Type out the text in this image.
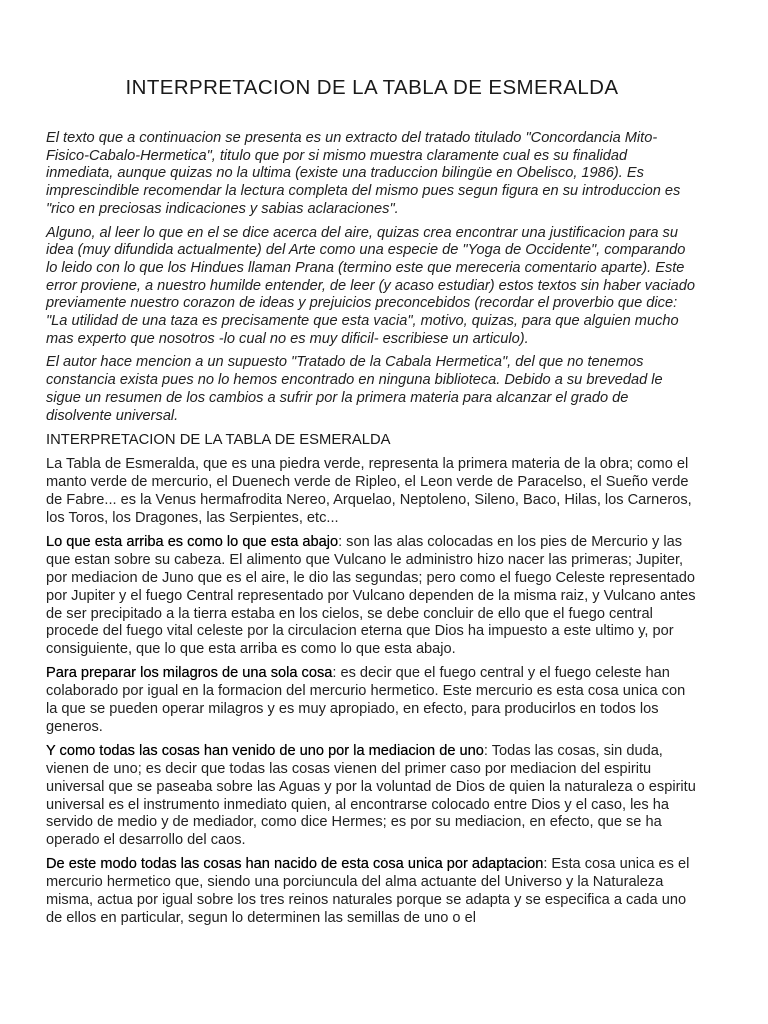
INTERPRETACION DE LA TABLA DE ESMERALDA

El texto que a continuacion se presenta es un extracto del tratado titulado "Concordancia Mito-Fisico-Cabalo-Hermetica", titulo que por si mismo muestra claramente cual es su finalidad inmediata, aunque quizas no la ultima (existe una traduccion bilingüe en Obelisco, 1986). Es imprescindible recomendar la lectura completa del mismo pues segun figura en su introduccion es "rico en preciosas indicaciones y sabias aclaraciones".

Alguno, al leer lo que en el se dice acerca del aire, quizas crea encontrar una justificacion para su idea (muy difundida actualmente) del Arte como una especie de "Yoga de Occidente", comparando lo leido con lo que los Hindues llaman Prana (termino este que mereceria comentario aparte). Este error proviene, a nuestro humilde entender, de leer (y acaso estudiar) estos textos sin haber vaciado previamente nuestro corazon de ideas y prejuicios preconcebidos (recordar el proverbio que dice: "La utilidad de una taza es precisamente que esta vacia", motivo, quizas, para que alguien mucho mas experto que nosotros -lo cual no es muy dificil- escribiese un articulo).

El autor hace mencion a un supuesto "Tratado de la Cabala Hermetica", del que no tenemos constancia exista pues no lo hemos encontrado en ninguna biblioteca. Debido a su brevedad le sigue un resumen de los cambios a sufrir por la primera materia para alcanzar el grado de disolvente universal.

INTERPRETACION DE LA TABLA DE ESMERALDA

La Tabla de Esmeralda, que es una piedra verde, representa la primera materia de la obra; como el manto verde de mercurio, el Duenech verde de Ripleo, el Leon verde de Paracelso, el Sueño verde de Fabre... es la Venus hermafrodita Nereo, Arquelao, Neptoleno, Sileno, Baco, Hilas, los Carneros, los Toros, los Dragones, las Serpientes, etc...

Lo que esta arriba es como lo que esta abajo: son las alas colocadas en los pies de Mercurio y las que estan sobre su cabeza. El alimento que Vulcano le administro hizo nacer las primeras; Jupiter, por mediacion de Juno que es el aire, le dio las segundas; pero como el fuego Celeste representado por Jupiter y el fuego Central representado por Vulcano dependen de la misma raiz, y Vulcano antes de ser precipitado a la tierra estaba en los cielos, se debe concluir de ello que el fuego central procede del fuego vital celeste por la circulacion eterna que Dios ha impuesto a este ultimo y, por consiguiente, que lo que esta arriba es como lo que esta abajo.

Para preparar los milagros de una sola cosa: es decir que el fuego central y el fuego celeste han colaborado por igual en la formacion del mercurio hermetico. Este mercurio es esta cosa unica con la que se pueden operar milagros y es muy apropiado, en efecto, para producirlos en todos los generos.

Y como todas las cosas han venido de uno por la mediacion de uno: Todas las cosas, sin duda, vienen de uno; es decir que todas las cosas vienen del primer caso por mediacion del espiritu universal que se paseaba sobre las Aguas y por la voluntad de Dios de quien la naturaleza o espiritu universal es el instrumento inmediato quien, al encontrarse colocado entre Dios y el caso, les ha servido de medio y de mediador, como dice Hermes; es por su mediacion, en efecto, que se ha operado el desarrollo del caos.

De este modo todas las cosas han nacido de esta cosa unica por adaptacion: Esta cosa unica es el mercurio hermetico que, siendo una porciuncula del alma actuante del Universo y la Naturaleza misma, actua por igual sobre los tres reinos naturales porque se adapta y se especifica a cada uno de ellos en particular, segun lo determinen las semillas de uno o el
